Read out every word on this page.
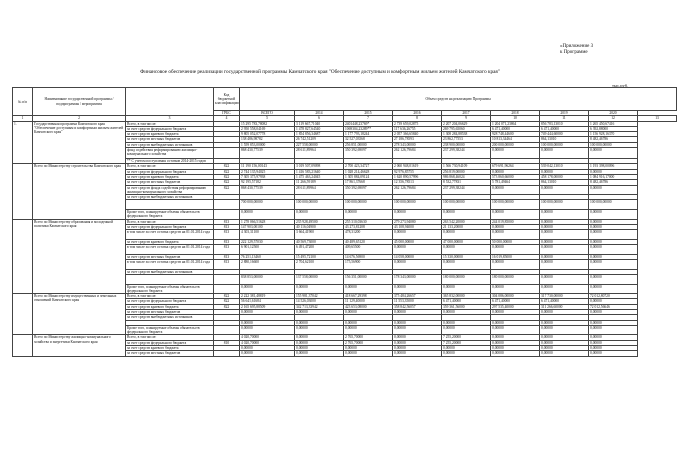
«Приложение 3
к Программе
Финансовое обеспечение реализации государственной программы Камчатского края "Обеспечение доступным и комфортным жильем жителей Камчатского края"
тыс.руб.
№ п/п	Наименование государственной программы / подпрограммы / мероприятия		Код бюджетной классификации	Объем средств на реализацию Программы								
			ГРБС	ВСЕГО	2014	2015	2016	2017	2018	2019	2020	
1	2	3	4	5	6	7	8	9	10	11	12	13
1.	Государственная программа Камчатского края "Обеспечение доступным и комфортным жильем жителей Камчатского края"	Всего, в том числе:		15 295 783,78082	3 119 667,71040	2401448,23769*	2 739 659,02875	2 207 204,06629	1 204 071,23864	856 783,13010	1 265 450,67416	
		за счет средств федерального бюджета		2 950 558,04169	1 478 827,64540	1069304,23289**	117 636,26755	269 795,65060	6 471,40000	6 471,40000	6 392,88000	
		за счет средств краевого бюджета		9 805 052,07778	1 854 856,34687	1 177 793,18244	2 057 366,65840	1 308 284,88538	928 748,44600	749 444,60000	1 156 928,16370	
		за счет средств местных бюджетов		138 486,98782	26 742,51209	32 527,03568	27 186,78593	23 862,77553	10 813,34464	864,13010	8 482,46786	
		за счет средств внебюджетных источников		1 559 853,00000	227 558,00000	256 851,00000	278 343,00000	238 900,00000	200 000,00000	100 000,00000	100 000,00000	
		фонд содействия реформированию жилищно-коммунального хозяйства		868 430,77539	28 611,89964	350 392,69097	262 126,79684	237 299,38244	0,00000	0,00000	0,00000	
		** С учетом поступления остатков 2014-2015 годов										
	Всего по Министерству строительства Камчатского края	Всего, в том числе:	822	11 190 156,00143	3 019 507,09098	2 700 423,34727	2 060 948,01619	1 566 730,94109	679 691,96264	539 042,13010	1 193 398,00096	
		за счет средств федерального бюджета	822	2 744 135,94025	1 416 583,21640	1 028 214,46628	92 976,85755	256 819,00000	0,00000	0,00000	0,00000	
		за счет средств краевого бюджета	822	7 305 375,97938	1 475 463,24045	1 305 884,09124	1 620 890,57996	986 868,46024	573 860,66000	458 178,00000	1 084 916,17000	
		за счет средств местных бюджетов	822	92 195,57182	11 266,59189	17 861,37668	12 356,78513	8 532,77831	5 781,49464	864,13010	8 482,46786	
		за счет средств фонда содействия реформированию жилищно-коммунального хозяйства	822	868 430,77539	28 611,89964	350 392,69097	262 126,79684	237 299,38244	0,00000	0,00000	0,00000	
		за счет средств внебюджетных источников										
				700 000,00000	100 000,00000	100 000,00000	100 000,00000	100 000,00000	100 000,00000	100 000,00000	100 000,00000	
		Кроме того, планируемые объемы обязательств федерального бюджета		0,00000	0,00000	0,00000	0,00000	0,00000	0,00000	0,00000	0,00000	
	Всего по Министерству образования и молодежной политики Камчатского края	Всего, в том числе:	813	1 278 066,51628	235 928,49500	255 310,03630	279 273,94080	263 542,20000	244 019,85000	0,00000	0,00000	
		за счет средств федерального бюджета	813	147 903,00100	40 116,04900	43 273,81208	43 108,94000	21 133,20000	0,00000	0,00000	0,00000	
		в том числе за счет остатка средств на 01.01.2014 года	813	4 303,31100	3 664,41900	478,31200	0,00000	0,00000	0,00000	0,00000	0,00000	
		за счет средств краевого бюджета	813	222 129,57030	40 569,73000	40 489,65120	45 000,00000	47 000,00000	50 000,00000	0,00000	0,00000	
		в том числе за счет остатка средств на 01.01.2014 года	813	6 901,12500	6 491,47200	409,65500	0,00000	0,00000	0,00000	0,00000	0,00000	
		за счет средств местных бюджетов	813	76 251,13460	15 495,72100	14 676,56900	14 058,00000	15 330,00000	16 019,85000	0,00000	0,00000	
		в том числе за счет остатка средств на 01.01.2014 года	813	2 880,16600	2 704,62100	175,56900	0,00000	0,00000	0,00000	0,00000	0,00000	
		за счет средств внебюджетных источников										
				838 853,00000	137 558,00000	156 351,00000	178 343,00000	180 000,00000	180 000,00000	0,00000	0,00000	
		Кроме того, планируемые объемы обязательств федерального бюджета		0,00000	0,00000	0,00000	0,00000	0,00000	0,00000	0,00000	0,00000	
	Всего по Министерству имущественных и земельных отношений Камчатского края	Всего, в том числе:	822	2 222 381,48819	155 981,37042	418 667,29398	375 484,26657	365 832,00000	304 086,00000	317 730,00000	72 012,80720	
		за счет средств федерального бюджета	822	56 641,61684	14 526,03000	11 129,40000	11 553,35000	6 471,40000	6 471,40000	6 471,40000	0,00000	
		за счет средств краевого бюджета	822	2 165 695,88509	342 713,33942	423 653,08000	358 842,56057	359 361,56000	297 535,40000	311 266,60000	72 012,56646	
		за счет средств местных бюджетов		0,00000	0,00000	0,00000	0,00000	0,00000	0,00000	0,00000	0,00000	
		за счет средств внебюджетных источников										
				0,00000	0,00000	0,00000	0,00000	0,00000	0,00000	0,00000	0,00000	
		Кроме того, планируемые объемы обязательств федерального бюджета		0,00000	0,00000	0,00000	0,00000	0,00000	0,00000	0,00000	0,00000	
	Всего по Министерству жилищно-коммунального хозяйства и энергетики Камчатского края	Всего, в том числе:		4 020,70000	0,00000	2 765,70000	0,00000	7 255,20000	0,00000	0,00000	0,00000	
		за счет средств федерального бюджета	810	4 020,70000	0,00000	2 765,70000	0,00000	7 255,20000	0,00000	0,00000	0,00000	
		за счет средств краевого бюджета		0,00000	0,00000	0,00000	0,00000	0,00000	0,00000	0,00000	0,00000	
		за счет средств местных бюджетов		0,00000	0,00000	0,00000	0,00000	0,00000	0,00000	0,00000	0,00000	
